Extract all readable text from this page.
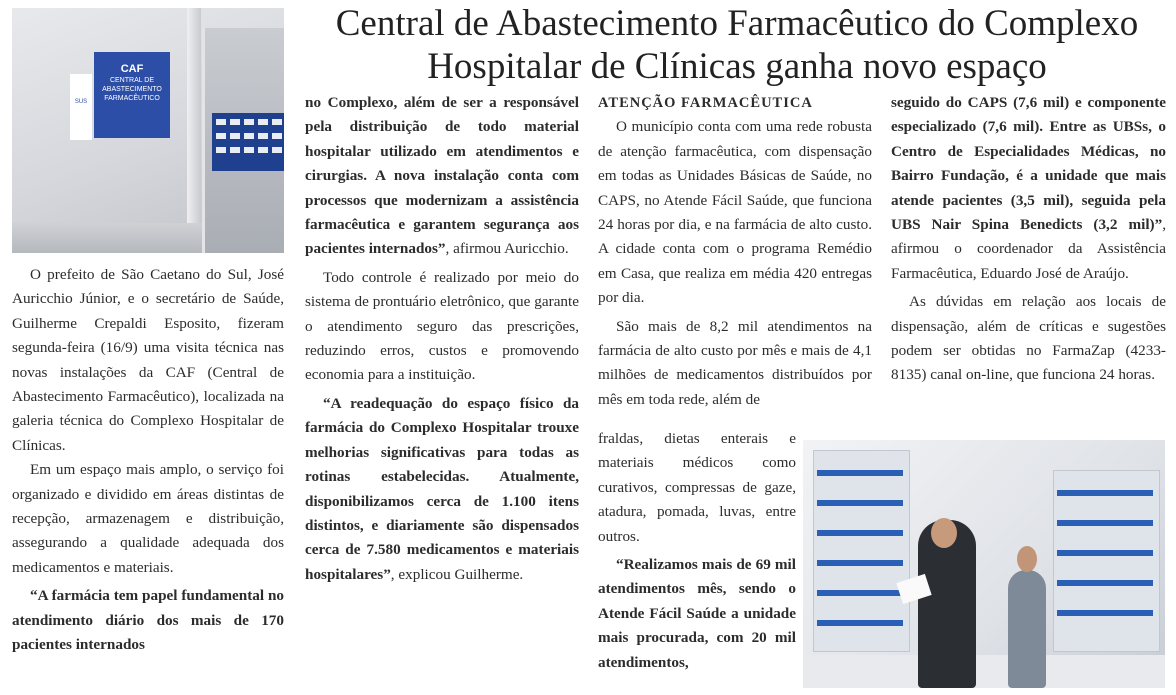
Central de Abastecimento Farmacêutico do Complexo Hospitalar de Clínicas ganha novo espaço

SUS
CAF
CENTRAL DE
ABASTECIMENTO
FARMACÊUTICO

O prefeito de São Caetano do Sul, José Auricchio Júnior, e o secretário de Saúde, Guilherme Crepaldi Esposito, fizeram segunda-feira (16/9) uma visita técnica nas novas instalações da CAF (Central de Abastecimento Farmacêutico), localizada na galeria técnica do Complexo Hospitalar de Clínicas.

Em um espaço mais amplo, o serviço foi organizado e dividido em áreas distintas de recepção, armazenagem e distribuição, assegurando a qualidade adequada dos medicamentos e materiais.

“A farmácia tem papel fundamental no atendimento diário dos mais de 170 pacientes internados

no Complexo, além de ser a responsável pela distribuição de todo material hospitalar utilizado em atendimentos e cirurgias. A nova instalação conta com processos que modernizam a assistência farmacêutica e garantem segurança aos pacientes internados”, afirmou Auricchio.

Todo controle é realizado por meio do sistema de prontuário eletrônico, que garante o atendimento seguro das prescrições, reduzindo erros, custos e promovendo economia para a instituição.

“A readequação do espaço físico da farmácia do Complexo Hospitalar trouxe melhorias significativas para todas as rotinas estabelecidas. Atualmente, disponibilizamos cerca de 1.100 itens distintos, e diariamente são dispensados cerca de 7.580 medicamentos e materiais hospitalares”, explicou Guilherme.

ATENÇÃO FARMACÊUTICA

O município conta com uma rede robusta de atenção farmacêutica, com dispensação em todas as Unidades Básicas de Saúde, no CAPS, no Atende Fácil Saúde, que funciona 24 horas por dia, e na farmácia de alto custo. A cidade conta com o programa Remédio em Casa, que realiza em média 420 entregas por dia.

São mais de 8,2 mil atendimentos na farmácia de alto custo por mês e mais de 4,1 milhões de medicamentos distribuídos por mês em toda rede, além de

fraldas, dietas enterais e materiais médicos como curativos, compressas de gaze, atadura, pomada, luvas, entre outros.

“Realizamos mais de 69 mil atendimentos mês, sendo o Atende Fácil Saúde a unidade mais procurada, com 20 mil atendimentos,

seguido do CAPS (7,6 mil) e componente especializado (7,6 mil). Entre as UBSs, o Centro de Especialidades Médicas, no Bairro Fundação, é a unidade que mais atende pacientes (3,5 mil), seguida pela UBS Nair Spina Benedicts (3,2 mil)”, afirmou o coordenador da Assistência Farmacêutica, Eduardo José de Araújo.

As dúvidas em relação aos locais de dispensação, além de críticas e sugestões podem ser obtidas no FarmaZap (4233-8135) canal on-line, que funciona 24 horas.
